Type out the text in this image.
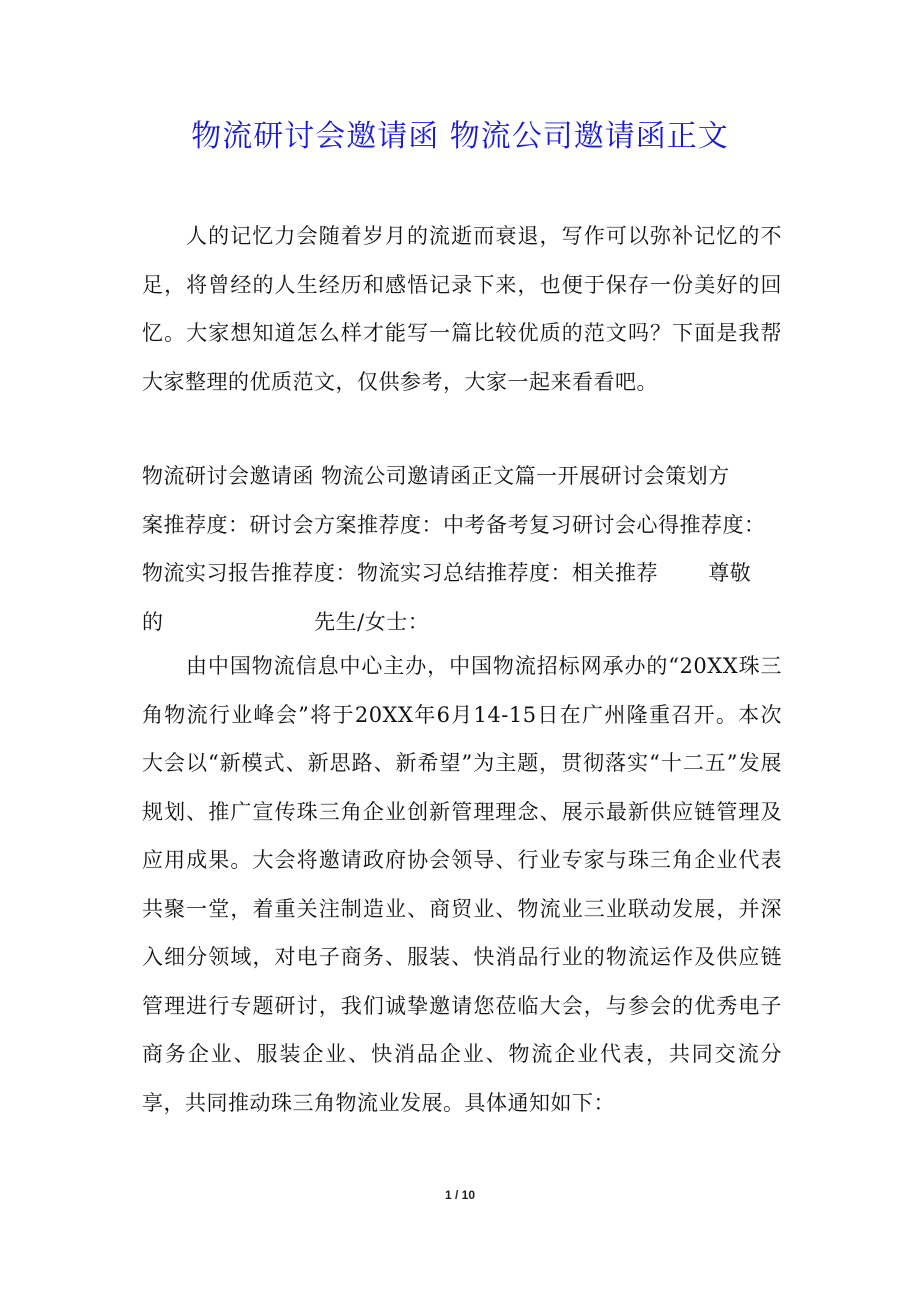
物流研讨会邀请函 物流公司邀请函正文

人的记忆力会随着岁月的流逝而衰退，写作可以弥补记忆的不足，将曾经的人生经历和感悟记录下来，也便于保存一份美好的回忆。大家想知道怎么样才能写一篇比较优质的范文吗？下面是我帮大家整理的优质范文，仅供参考，大家一起来看看吧。

物流研讨会邀请函 物流公司邀请函正文篇一开展研讨会策划方
案推荐度：研讨会方案推荐度：中考备考复习研讨会心得推荐度：
物流实习报告推荐度：物流实习总结推荐度：相关推荐       尊敬
的                     先生/女士：

由中国物流信息中心主办，中国物流招标网承办的“20XX珠三角物流行业峰会”将于20XX年6月14-15日在广州隆重召开。本次大会以“新模式、新思路、新希望”为主题，贯彻落实“十二五”发展规划、推广宣传珠三角企业创新管理理念、展示最新供应链管理及应用成果。大会将邀请政府协会领导、行业专家与珠三角企业代表共聚一堂，着重关注制造业、商贸业、物流业三业联动发展，并深入细分领域，对电子商务、服装、快消品行业的物流运作及供应链管理进行专题研讨，我们诚挚邀请您莅临大会，与参会的优秀电子商务企业、服装企业、快消品企业、物流企业代表，共同交流分享，共同推动珠三角物流业发展。具体通知如下：

1 / 10
